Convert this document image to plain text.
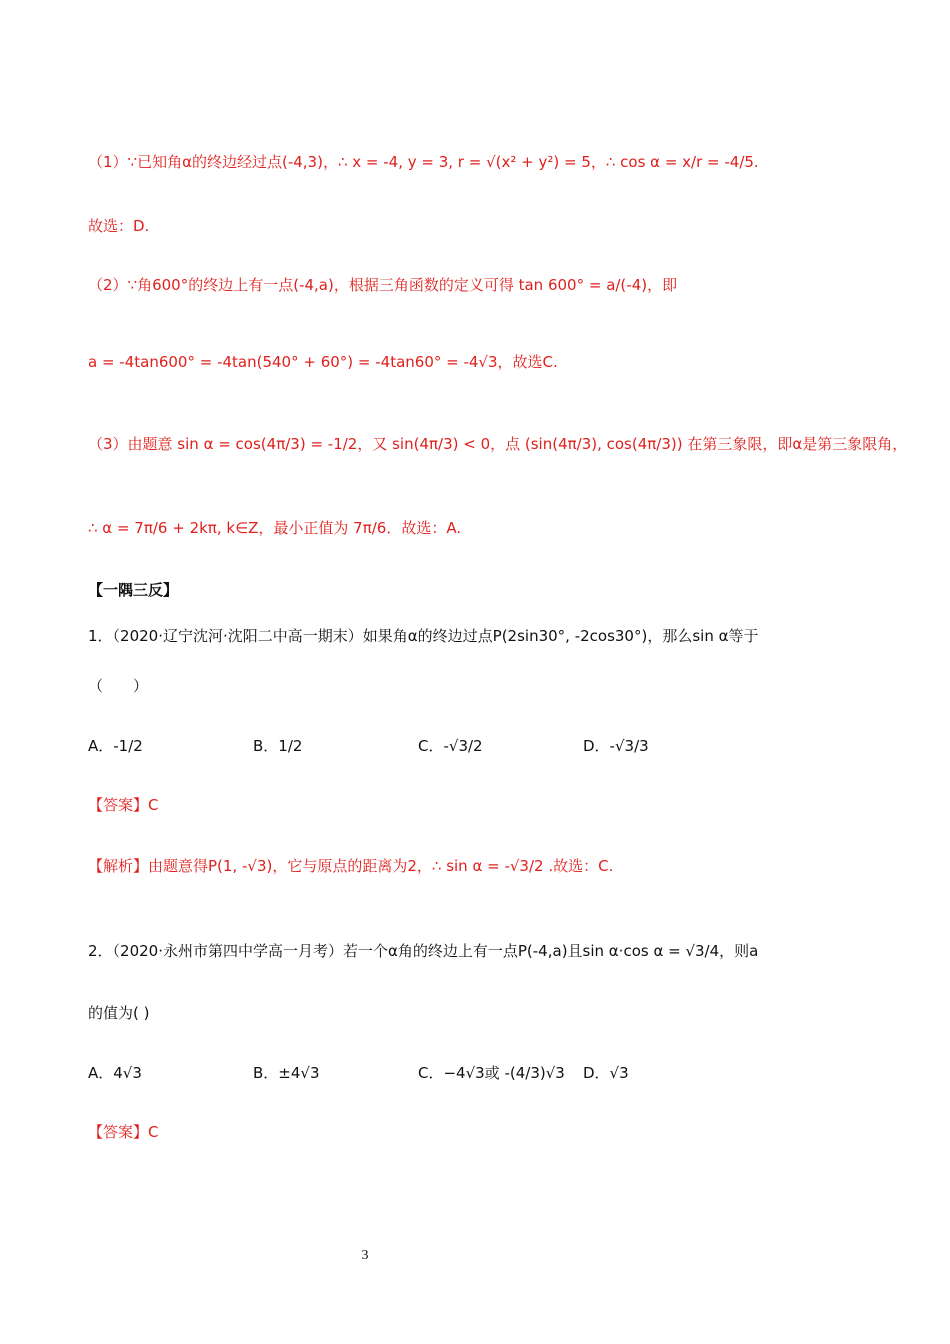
（1）∵已知角α的终边经过点(-4,3)，∴ x = -4, y = 3, r = √(x² + y²) = 5，∴ cos α = x/r = -4/5.
故选：D.
（2）∵角600°的终边上有一点(-4,a)，根据三角函数的定义可得 tan 600° = a/(-4)，即
a = -4tan600° = -4tan(540° + 60°) = -4tan60° = -4√3，故选C.
（3）由题意 sin α = cos(4π/3) = -1/2，又 sin(4π/3) < 0，点 (sin(4π/3), cos(4π/3)) 在第三象限，即α是第三象限角，
∴ α = 7π/6 + 2kπ, k∈Z，最小正值为 7π/6．故选：A.
【一隅三反】
1．（2020·辽宁沈河·沈阳二中高一期末）如果角α的终边过点P(2sin30°, -2cos30°)，那么sin α等于
（　　）
A．-1/2	B．1/2	C．-√3/2	D．-√3/3
【答案】C
【解析】由题意得P(1, -√3)，它与原点的距离为2，∴ sin α = -√3/2 .故选：C.
2．（2020·永州市第四中学高一月考）若一个α角的终边上有一点P(-4,a)且sin α·cos α = √3/4，则a
的值为( )
A．4√3	B．±4√3	C．−4√3或 -(4/3)√3 D．√3
【答案】C
3
